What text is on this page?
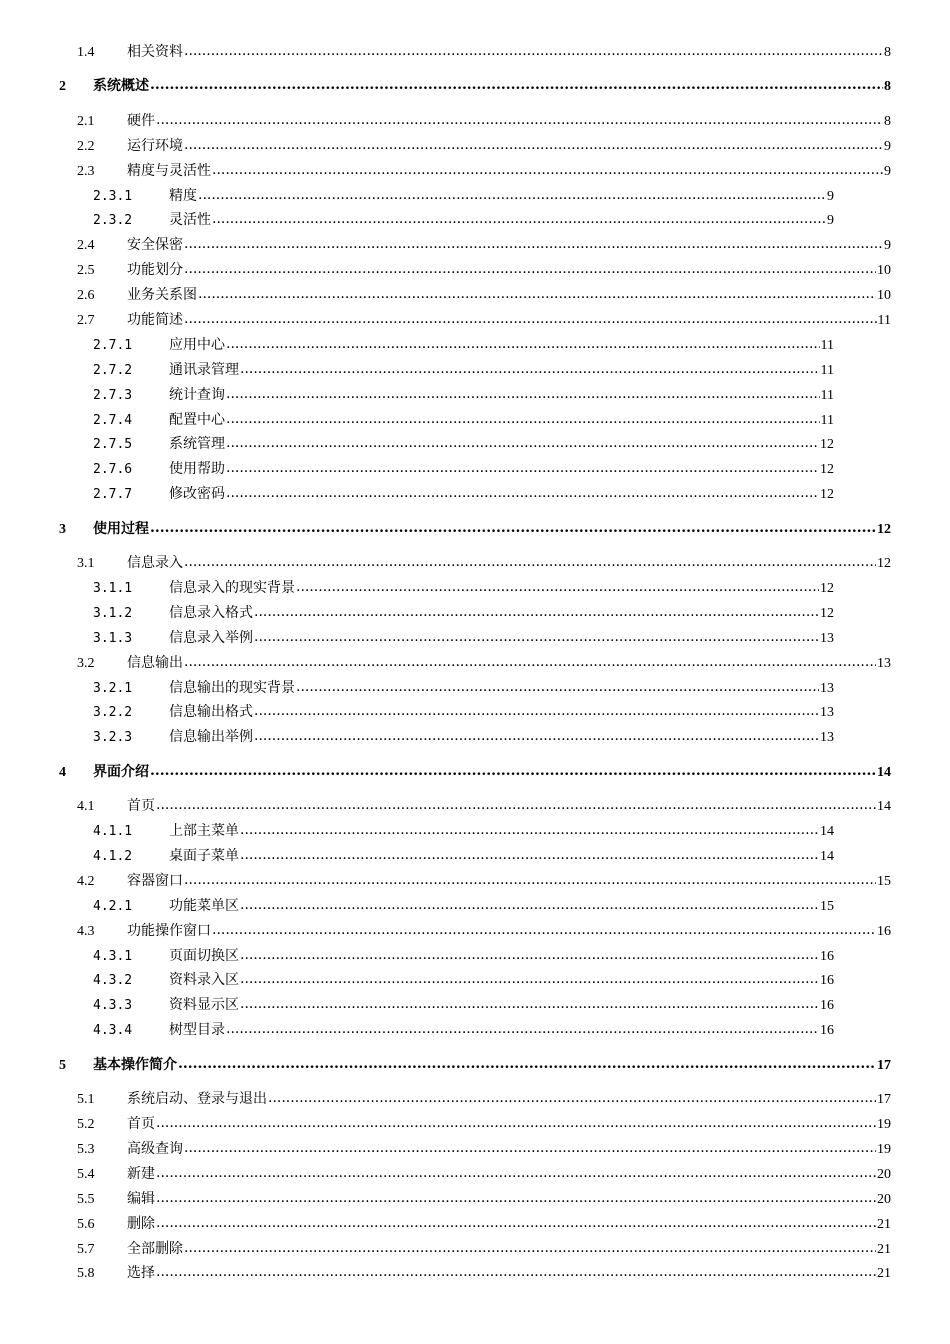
1.4	相关资料 .....	8
2	系统概述 .....	8
2.1	硬件 .....	8
2.2	运行环境 .....	9
2.3	精度与灵活性 .....	9
2.3.1	精度 .....	9
2.3.2	灵活性 .....	9
2.4	安全保密 .....	9
2.5	功能划分 .....	10
2.6	业务关系图 .....	10
2.7	功能简述 .....	11
2.7.1	应用中心 .....	11
2.7.2	通讯录管理 .....	11
2.7.3	统计查询 .....	11
2.7.4	配置中心 .....	11
2.7.5	系统管理 .....	12
2.7.6	使用帮助 .....	12
2.7.7	修改密码 .....	12
3	使用过程 .....	12
3.1	信息录入 .....	12
3.1.1	信息录入的现实背景 .....	12
3.1.2	信息录入格式 .....	12
3.1.3	信息录入举例 .....	13
3.2	信息输出 .....	13
3.2.1	信息输出的现实背景 .....	13
3.2.2	信息输出格式 .....	13
3.2.3	信息输出举例 .....	13
4	界面介绍 .....	14
4.1	首页 .....	14
4.1.1	上部主菜单 .....	14
4.1.2	桌面子菜单 .....	14
4.2	容器窗口 .....	15
4.2.1	功能菜单区 .....	15
4.3	功能操作窗口 .....	16
4.3.1	页面切换区 .....	16
4.3.2	资料录入区 .....	16
4.3.3	资料显示区 .....	16
4.3.4	树型目录 .....	16
5	基本操作简介 .....	17
5.1	系统启动、登录与退出 .....	17
5.2	首页 .....	19
5.3	高级查询 .....	19
5.4	新建 .....	20
5.5	编辑 .....	20
5.6	删除 .....	21
5.7	全部删除 .....	21
5.8	选择 .....	21
